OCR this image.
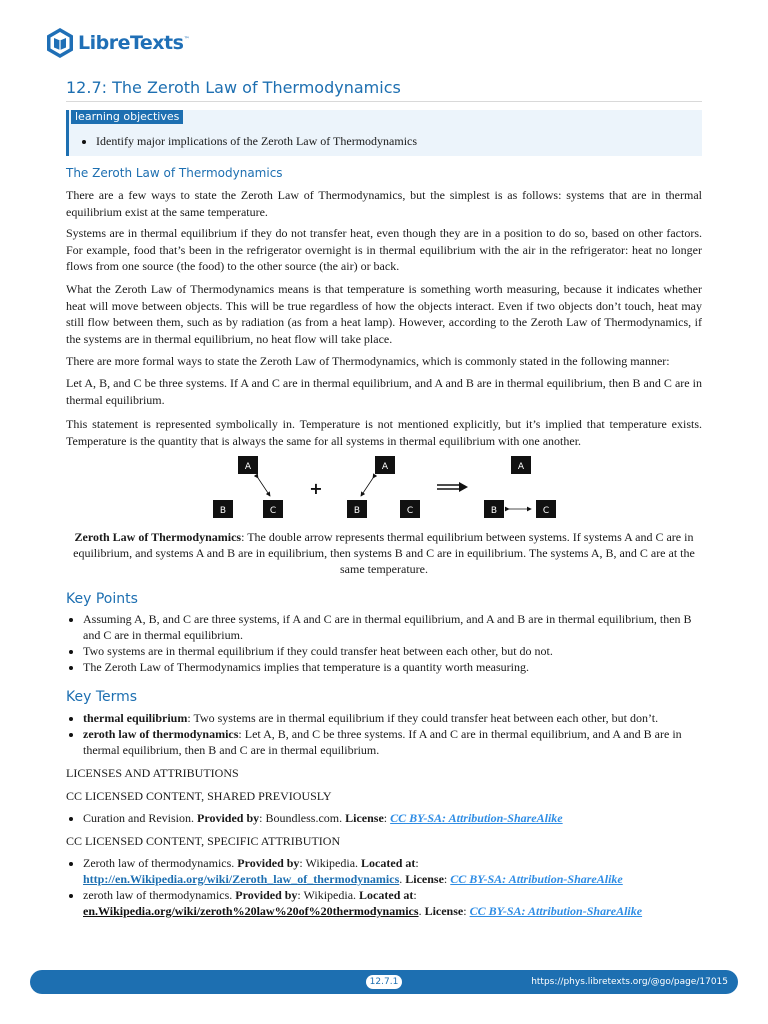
LibreTexts ™
12.7: The Zeroth Law of Thermodynamics
learning objectives
Identify major implications of the Zeroth Law of Thermodynamics
The Zeroth Law of Thermodynamics

There are a few ways to state the Zeroth Law of Thermodynamics, but the simplest is as follows: systems that are in thermal equilibrium exist at the same temperature.

Systems are in thermal equilibrium if they do not transfer heat, even though they are in a position to do so, based on other factors. For example, food that’s been in the refrigerator overnight is in thermal equilibrium with the air in the refrigerator: heat no longer flows from one source (the food) to the other source (the air) or back.

What the Zeroth Law of Thermodynamics means is that temperature is something worth measuring, because it indicates whether heat will move between objects. This will be true regardless of how the objects interact. Even if two objects don’t touch, heat may still flow between them, such as by radiation (as from a heat lamp). However, according to the Zeroth Law of Thermodynamics, if the systems are in thermal equilibrium, no heat flow will take place.

There are more formal ways to state the Zeroth Law of Thermodynamics, which is commonly stated in the following manner:

Let A, B, and C be three systems. If A and C are in thermal equilibrium, and A and B are in thermal equilibrium, then B and C are in thermal equilibrium.

This statement is represented symbolically in. Temperature is not mentioned explicitly, but it’s implied that temperature exists. Temperature is the quantity that is always the same for all systems in thermal equilibrium with one another.

A
B	C
+
A
B	C
A
B	C

Zeroth Law of Thermodynamics: The double arrow represents thermal equilibrium between systems. If systems A and C are in equilibrium, and systems A and B are in equilibrium, then systems B and C are in equilibrium. The systems A, B, and C are at the same temperature.

Key Points
Assuming A, B, and C are three systems, if A and C are in thermal equilibrium, and A and B are in thermal equilibrium, then B and C are in thermal equilibrium.
Two systems are in thermal equilibrium if they could transfer heat between each other, but do not.
The Zeroth Law of Thermodynamics implies that temperature is a quantity worth measuring.
Key Terms
thermal equilibrium: Two systems are in thermal equilibrium if they could transfer heat between each other, but don’t.
zeroth law of thermodynamics: Let A, B, and C be three systems. If A and C are in thermal equilibrium, and A and B are in thermal equilibrium, then B and C are in thermal equilibrium.

LICENSES AND ATTRIBUTIONS

CC LICENSED CONTENT, SHARED PREVIOUSLY

Curation and Revision. Provided by: Boundless.com. License: CC BY-SA: Attribution-ShareAlike

CC LICENSED CONTENT, SPECIFIC ATTRIBUTION

Zeroth law of thermodynamics. Provided by: Wikipedia. Located at:
http://en.Wikipedia.org/wiki/Zeroth_law_of_thermodynamics. License: CC BY-SA: Attribution-ShareAlike
zeroth law of thermodynamics. Provided by: Wikipedia. Located at:
en.Wikipedia.org/wiki/zeroth%20law%20of%20thermodynamics. License: CC BY-SA: Attribution-ShareAlike
12.7.1	https://phys.libretexts.org/@go/page/17015
